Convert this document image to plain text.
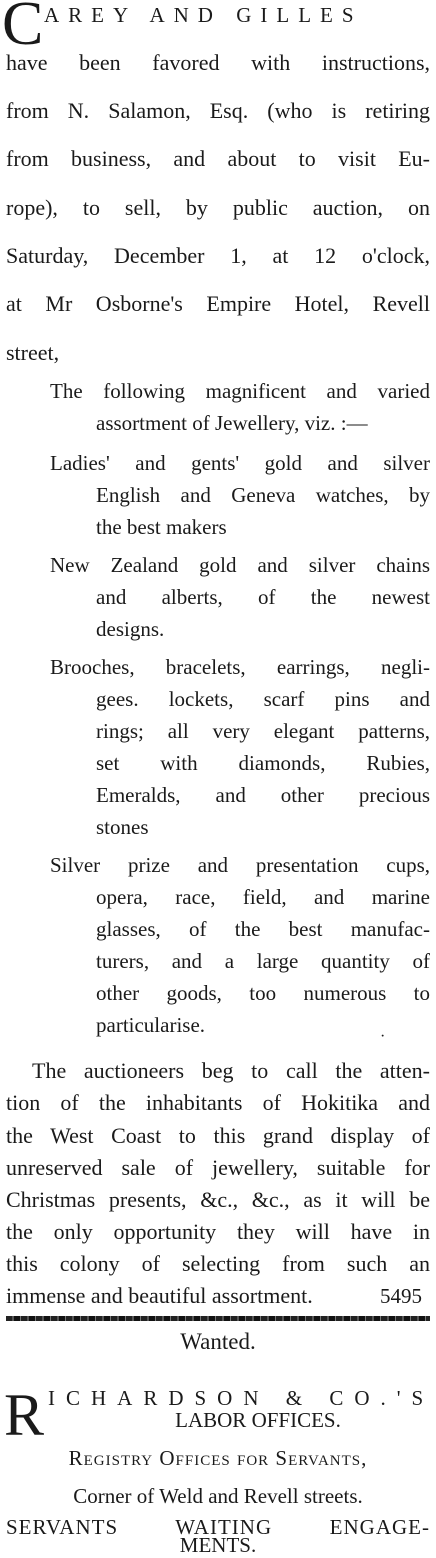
C AREY AND GILLES
have been favored with instructions,
from N. Salamon, Esq. (who is retiring
from business, and about to visit Eu-
rope), to sell, by public auction, on
Saturday, December 1, at 12 o'clock,
at Mr Osborne's Empire Hotel, Revell
street,
The following magnificent and varied
assortment of Jewellery, viz. :—
Ladies' and gents' gold and silver
English and Geneva watches, by
the best makers
New Zealand gold and silver chains
and alberts, of the newest
designs.
Brooches, bracelets, earrings, negli-
gees. lockets, scarf pins and
rings; all very elegant patterns,
set with diamonds, Rubies,
Emeralds, and other precious
stones
Silver prize and presentation cups,
opera, race, field, and marine
glasses, of the best manufac-
turers, and a large quantity of
other goods, too numerous to
particularise.	·
The auctioneers beg to call the atten-
tion of the inhabitants of Hokitika and
the West Coast to this grand display of
unreserved sale of jewellery, suitable for
Christmas presents, &c., &c., as it will be
the only opportunity they will have in
this colony of selecting from such an
immense and beautiful assortment.	5495
Wanted.
R ICHARDSON & CO.'S
LABOR OFFICES.
Registry Offices for Servants,
Corner of Weld and Revell streets.
SERVANTS WAITING ENGAGE-
MENTS.
